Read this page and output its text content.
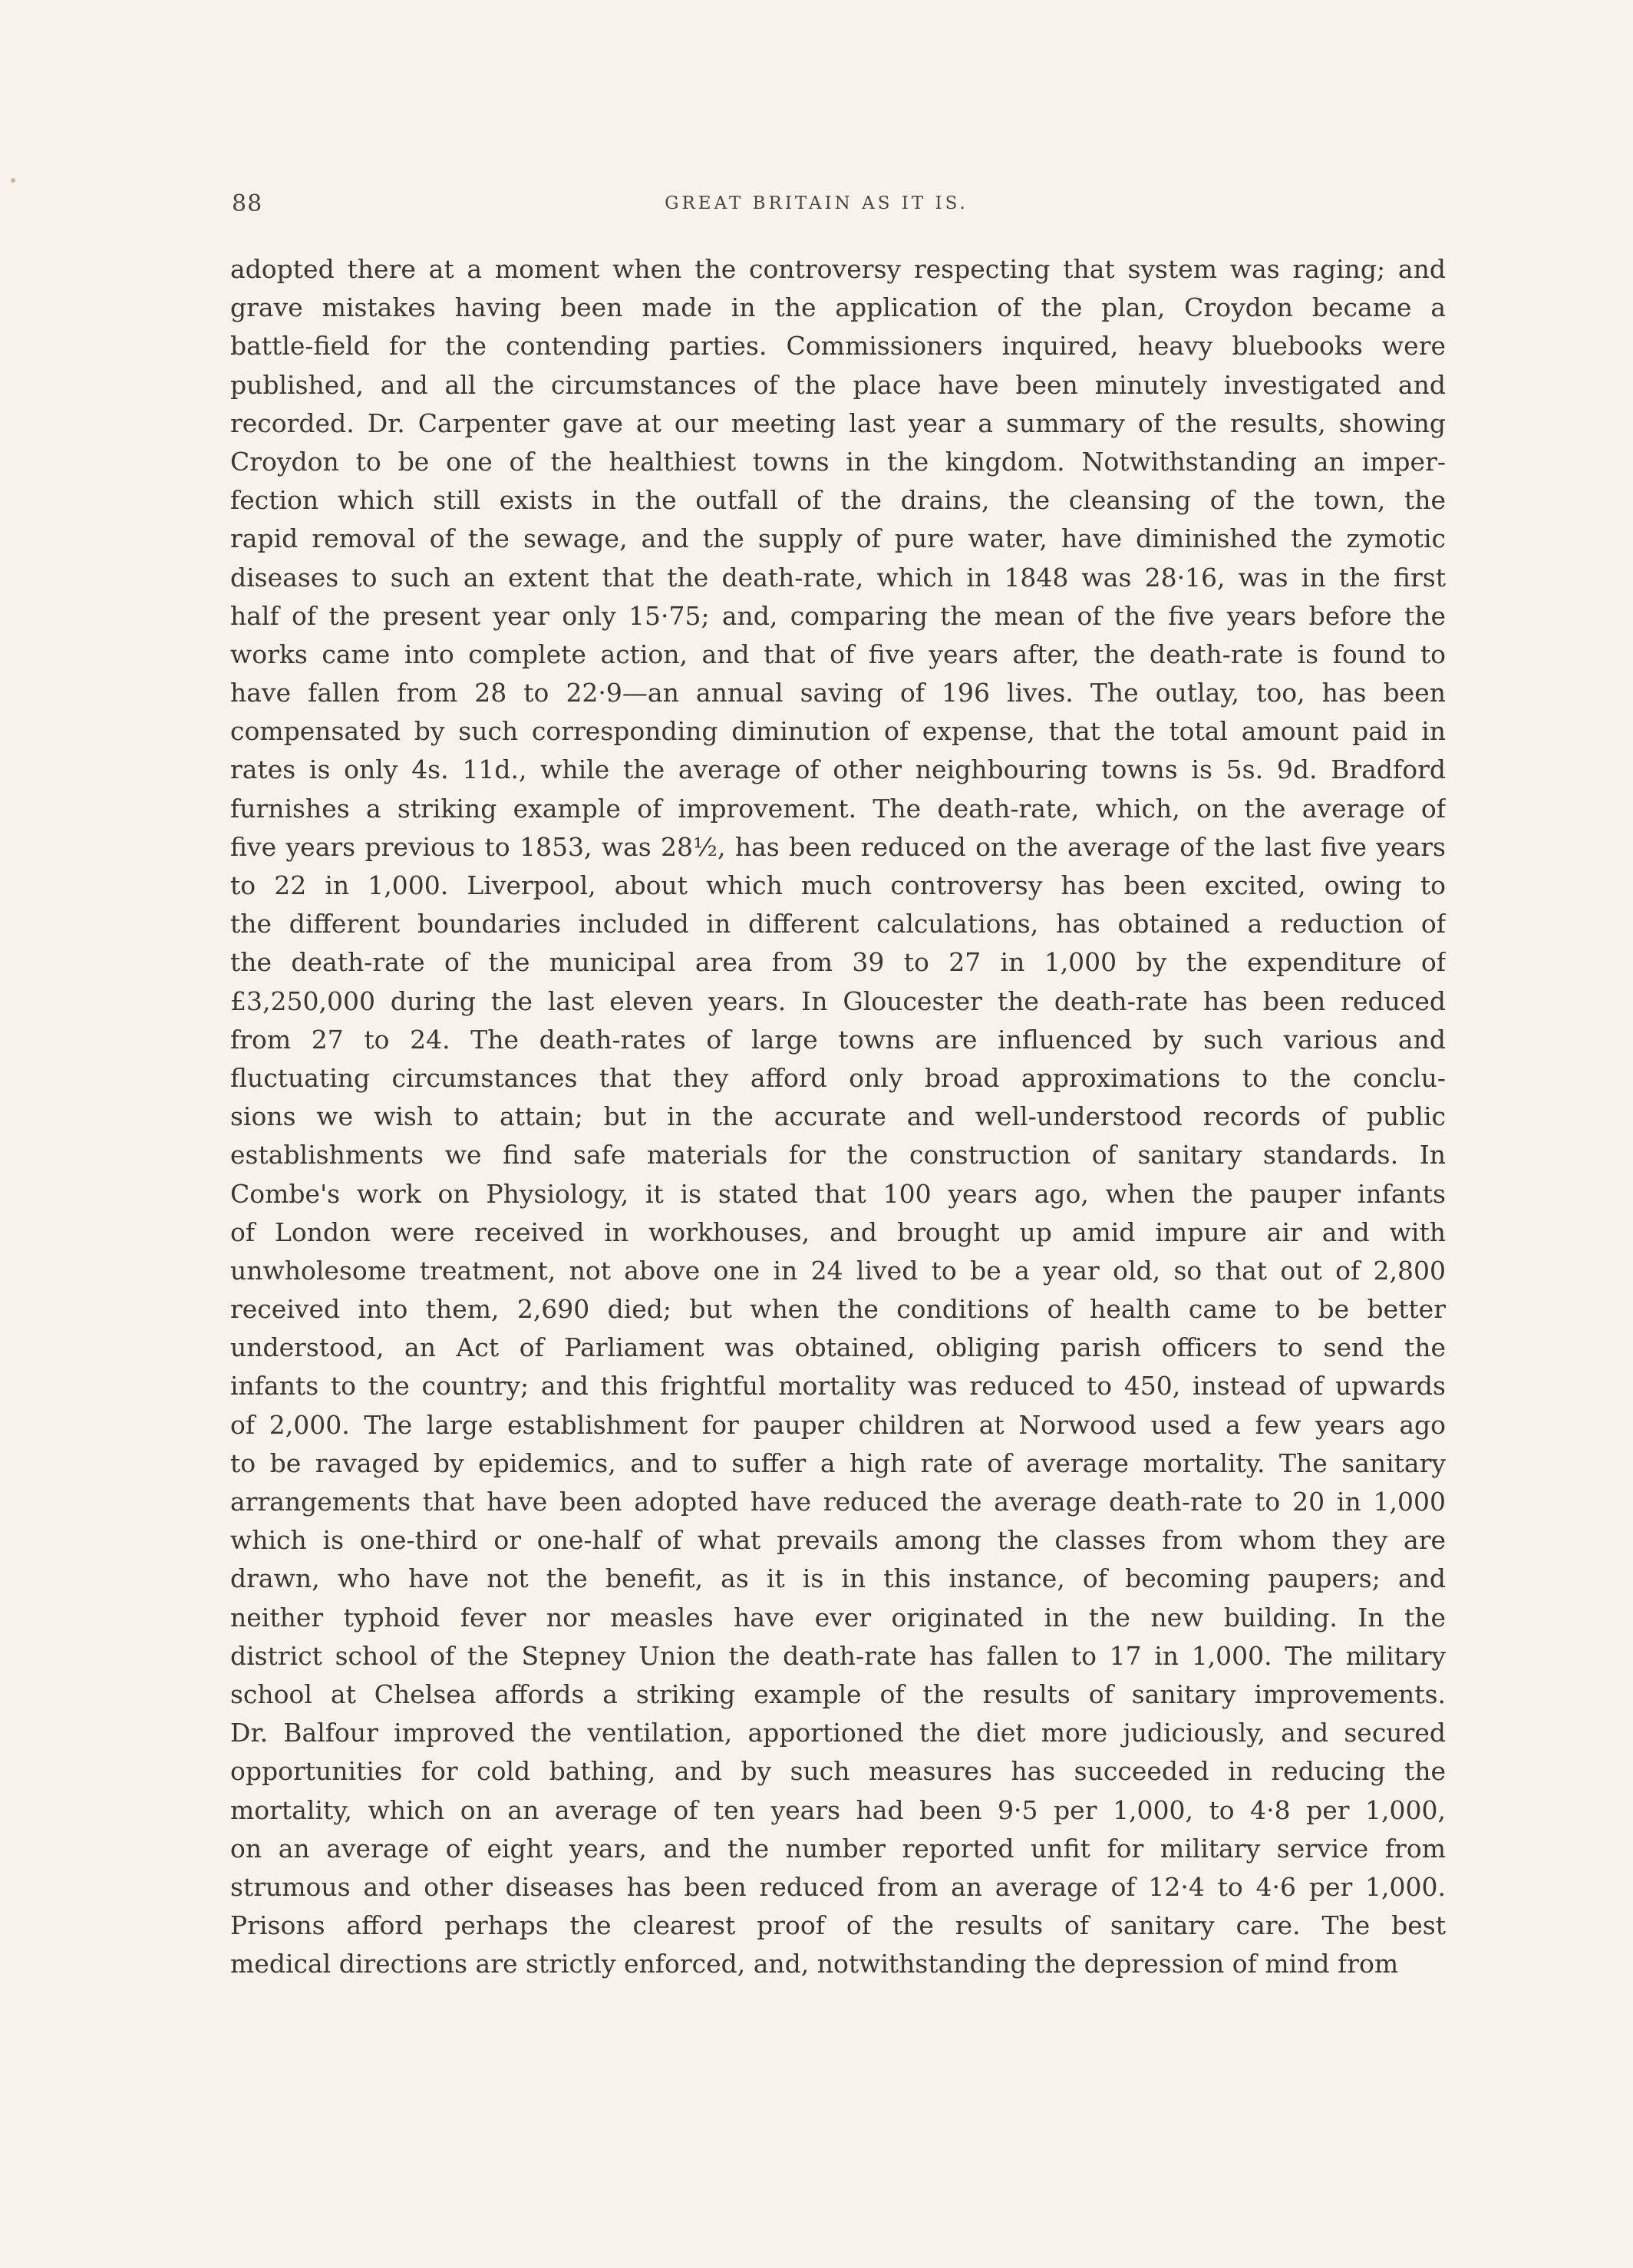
88	GREAT BRITAIN AS IT IS.
adopted there at a moment when the controversy respecting that system was raging; and
grave mistakes having been made in the application of the plan, Croydon became a
battle-field for the contending parties. Commissioners inquired, heavy bluebooks were
published, and all the circumstances of the place have been minutely investigated and
recorded. Dr. Carpenter gave at our meeting last year a summary of the results, showing
Croydon to be one of the healthiest towns in the kingdom. Notwithstanding an imper-
fection which still exists in the outfall of the drains, the cleansing of the town, the
rapid removal of the sewage, and the supply of pure water, have diminished the zymotic
diseases to such an extent that the death-rate, which in 1848 was 28·16, was in the first
half of the present year only 15·75; and, comparing the mean of the five years before the
works came into complete action, and that of five years after, the death-rate is found to
have fallen from 28 to 22·9—an annual saving of 196 lives. The outlay, too, has been
compensated by such corresponding diminution of expense, that the total amount paid in
rates is only 4s. 11d., while the average of other neighbouring towns is 5s. 9d. Bradford
furnishes a striking example of improvement. The death-rate, which, on the average of
five years previous to 1853, was 28½, has been reduced on the average of the last five years
to 22 in 1,000. Liverpool, about which much controversy has been excited, owing to
the different boundaries included in different calculations, has obtained a reduction of
the death-rate of the municipal area from 39 to 27 in 1,000 by the expenditure of
£3,250,000 during the last eleven years. In Gloucester the death-rate has been reduced
from 27 to 24. The death-rates of large towns are influenced by such various and
fluctuating circumstances that they afford only broad approximations to the conclu-
sions we wish to attain; but in the accurate and well-understood records of public
establishments we find safe materials for the construction of sanitary standards. In
Combe's work on Physiology, it is stated that 100 years ago, when the pauper infants
of London were received in workhouses, and brought up amid impure air and with
unwholesome treatment, not above one in 24 lived to be a year old, so that out of 2,800
received into them, 2,690 died; but when the conditions of health came to be better
understood, an Act of Parliament was obtained, obliging parish officers to send the
infants to the country; and this frightful mortality was reduced to 450, instead of upwards
of 2,000. The large establishment for pauper children at Norwood used a few years ago
to be ravaged by epidemics, and to suffer a high rate of average mortality. The sanitary
arrangements that have been adopted have reduced the average death-rate to 20 in 1,000
which is one-third or one-half of what prevails among the classes from whom they are
drawn, who have not the benefit, as it is in this instance, of becoming paupers; and
neither typhoid fever nor measles have ever originated in the new building. In the
district school of the Stepney Union the death-rate has fallen to 17 in 1,000. The military
school at Chelsea affords a striking example of the results of sanitary improvements.
Dr. Balfour improved the ventilation, apportioned the diet more judiciously, and secured
opportunities for cold bathing, and by such measures has succeeded in reducing the
mortality, which on an average of ten years had been 9·5 per 1,000, to 4·8 per 1,000,
on an average of eight years, and the number reported unfit for military service from
strumous and other diseases has been reduced from an average of 12·4 to 4·6 per 1,000.
Prisons afford perhaps the clearest proof of the results of sanitary care. The best
medical directions are strictly enforced, and, notwithstanding the depression of mind from
